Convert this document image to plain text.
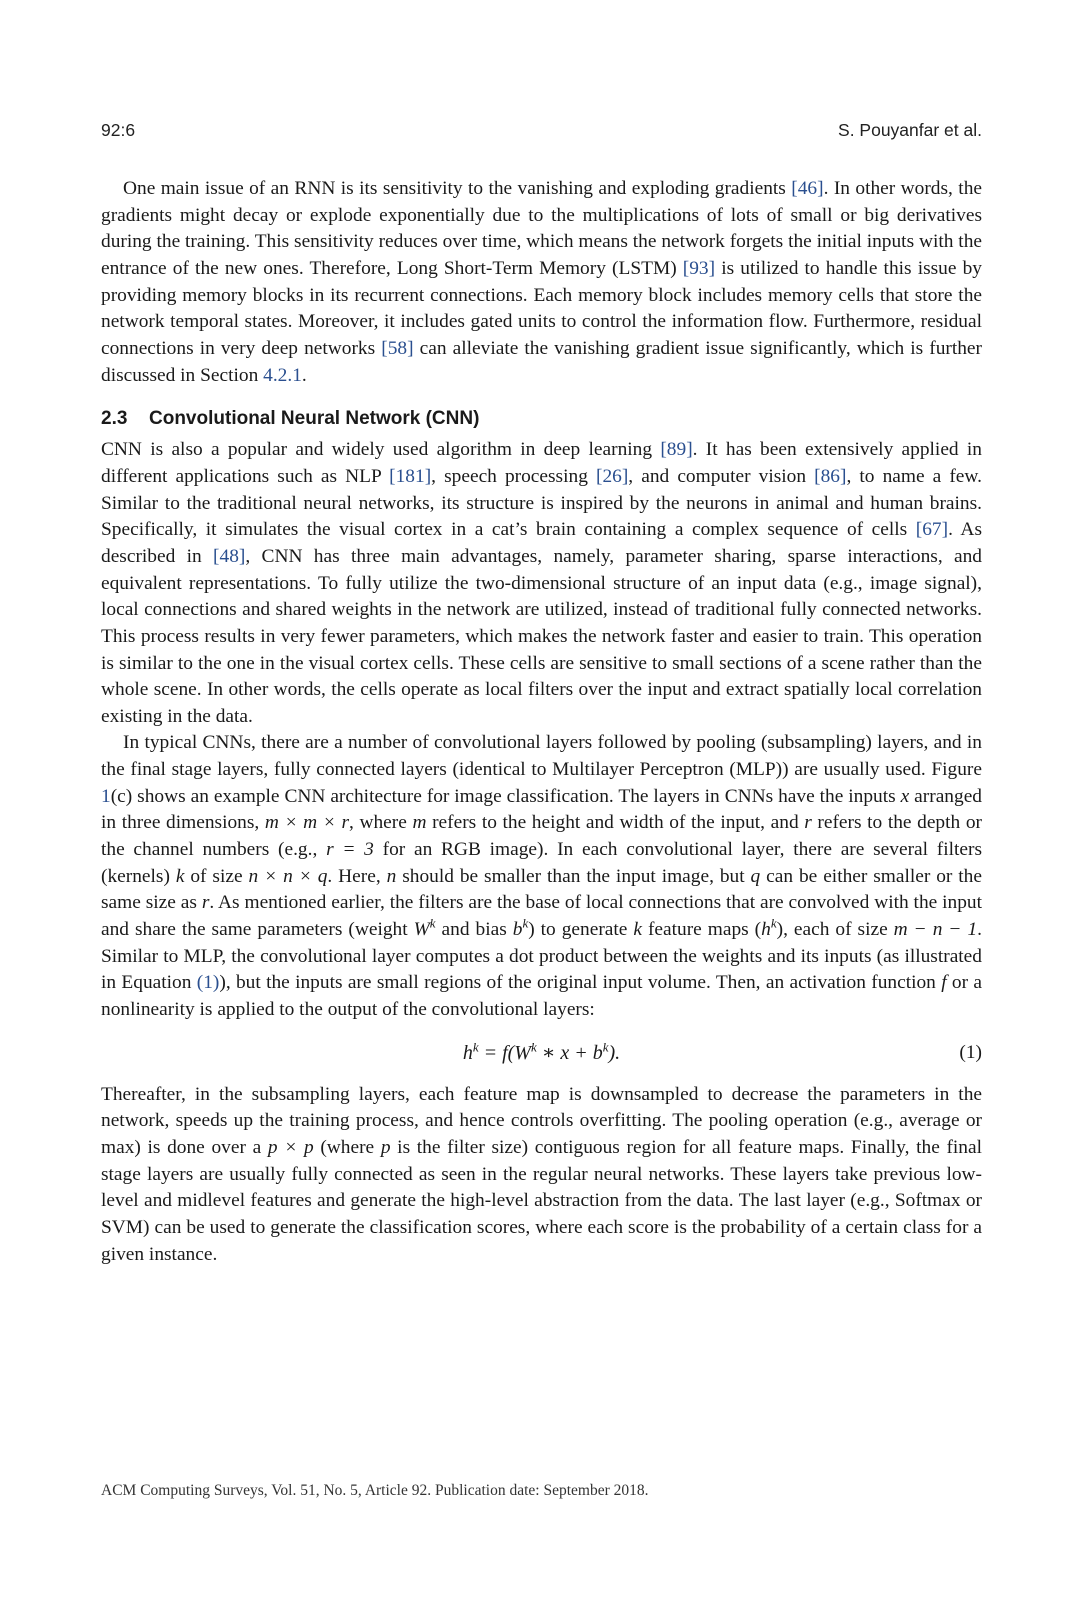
92:6	S. Pouyanfar et al.

One main issue of an RNN is its sensitivity to the vanishing and exploding gradients [46]. In other words, the gradients might decay or explode exponentially due to the multiplications of lots of small or big derivatives during the training. This sensitivity reduces over time, which means the network forgets the initial inputs with the entrance of the new ones. Therefore, Long Short-Term Memory (LSTM) [93] is utilized to handle this issue by providing memory blocks in its recurrent connections. Each memory block includes memory cells that store the network temporal states. Moreover, it includes gated units to control the information flow. Furthermore, residual connections in very deep networks [58] can alleviate the vanishing gradient issue significantly, which is further discussed in Section 4.2.1.

2.3 Convolutional Neural Network (CNN)

CNN is also a popular and widely used algorithm in deep learning [89]. It has been extensively applied in different applications such as NLP [181], speech processing [26], and computer vision [86], to name a few. Similar to the traditional neural networks, its structure is inspired by the neurons in animal and human brains. Specifically, it simulates the visual cortex in a cat’s brain containing a complex sequence of cells [67]. As described in [48], CNN has three main advantages, namely, parameter sharing, sparse interactions, and equivalent representations. To fully utilize the two-dimensional structure of an input data (e.g., image signal), local connections and shared weights in the network are utilized, instead of traditional fully connected networks. This process results in very fewer parameters, which makes the network faster and easier to train. This operation is similar to the one in the visual cortex cells. These cells are sensitive to small sections of a scene rather than the whole scene. In other words, the cells operate as local filters over the input and extract spatially local correlation existing in the data.

In typical CNNs, there are a number of convolutional layers followed by pooling (subsampling) layers, and in the final stage layers, fully connected layers (identical to Multilayer Perceptron (MLP)) are usually used. Figure 1(c) shows an example CNN architecture for image classification. The layers in CNNs have the inputs x arranged in three dimensions, m × m × r, where m refers to the height and width of the input, and r refers to the depth or the channel numbers (e.g., r = 3 for an RGB image). In each convolutional layer, there are several filters (kernels) k of size n × n × q. Here, n should be smaller than the input image, but q can be either smaller or the same size as r. As mentioned earlier, the filters are the base of local connections that are convolved with the input and share the same parameters (weight $W^k$ and bias $b^k$) to generate k feature maps $(h^k)$, each of size m − n − 1. Similar to MLP, the convolutional layer computes a dot product between the weights and its inputs (as illustrated in Equation (1)), but the inputs are small regions of the original input volume. Then, an activation function f or a nonlinearity is applied to the output of the convolutional layers:

$h^k = f(W^k$ ∗ $x + b^k$).	(1)

Thereafter, in the subsampling layers, each feature map is downsampled to decrease the parameters in the network, speeds up the training process, and hence controls overfitting. The pooling operation (e.g., average or max) is done over a p × p (where p is the filter size) contiguous region for all feature maps. Finally, the final stage layers are usually fully connected as seen in the regular neural networks. These layers take previous low-level and midlevel features and generate the high-level abstraction from the data. The last layer (e.g., Softmax or SVM) can be used to generate the classification scores, where each score is the probability of a certain class for a given instance.

ACM Computing Surveys, Vol. 51, No. 5, Article 92. Publication date: September 2018.
